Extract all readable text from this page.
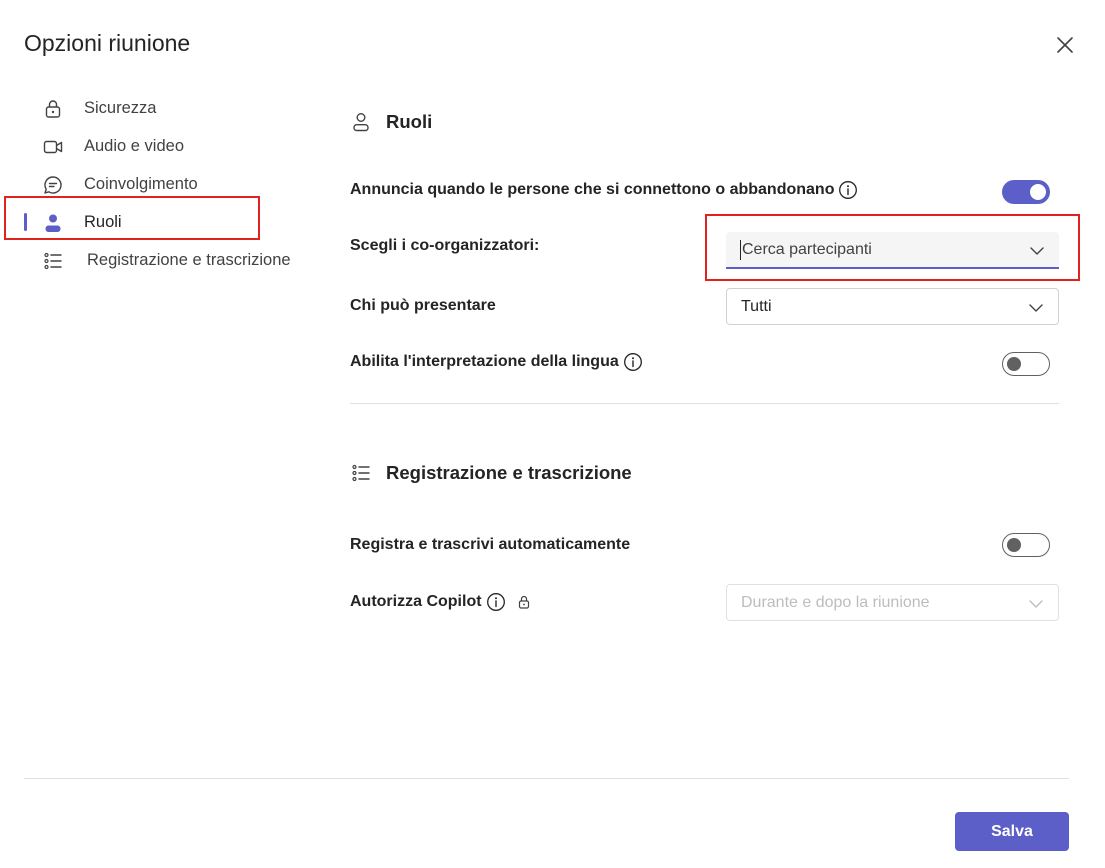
Opzioni riunione
Sicurezza
Audio e video
Coinvolgimento
Ruoli
Registrazione e trascrizione
Ruoli
Annuncia quando le persone che si connettono o abbandonano
Scegli i co-organizzatori:	Cerca partecipanti
Chi può presentare	Tutti
Abilita l'interpretazione della lingua
Registrazione e trascrizione
Registra e trascrivi automaticamente
Autorizza Copilot	Durante e dopo la riunione
Salva
